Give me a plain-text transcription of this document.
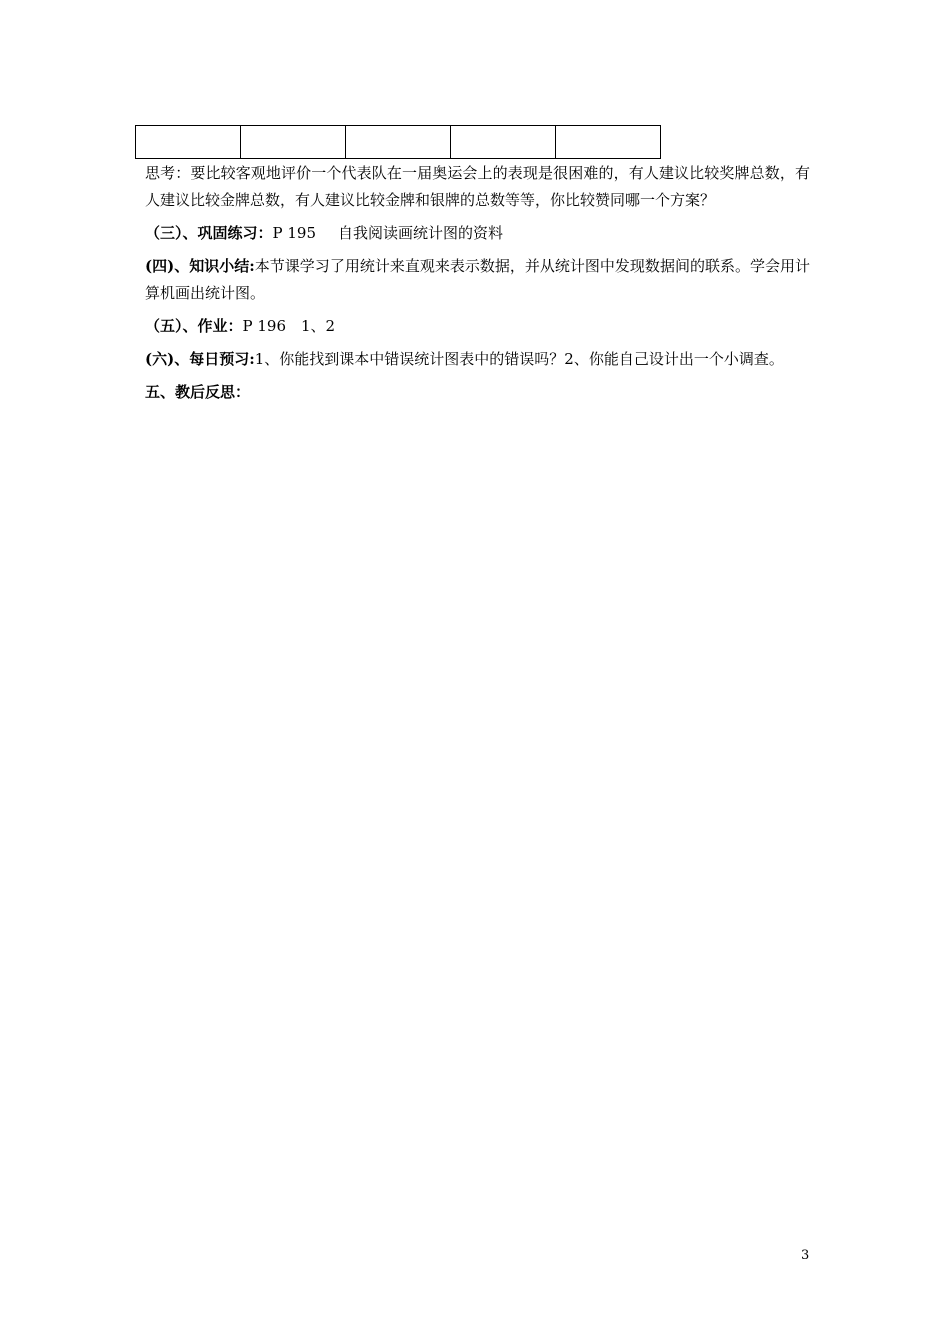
思考：要比较客观地评价一个代表队在一届奥运会上的表现是很困难的，有人建议比较奖牌总数，有人建议比较金牌总数，有人建议比较金牌和银牌的总数等等，你比较赞同哪一个方案？

（三）、巩固练习：P 195 自我阅读画统计图的资料

(四)、知识小结:本节课学习了用统计来直观来表示数据，并从统计图中发现数据间的联系。学会用计算机画出统计图。

（五）、作业：P 196　1、2

(六)、每日预习:1、你能找到课本中错误统计图表中的错误吗？2、你能自己设计出一个小调查。

五、教后反思：

3
